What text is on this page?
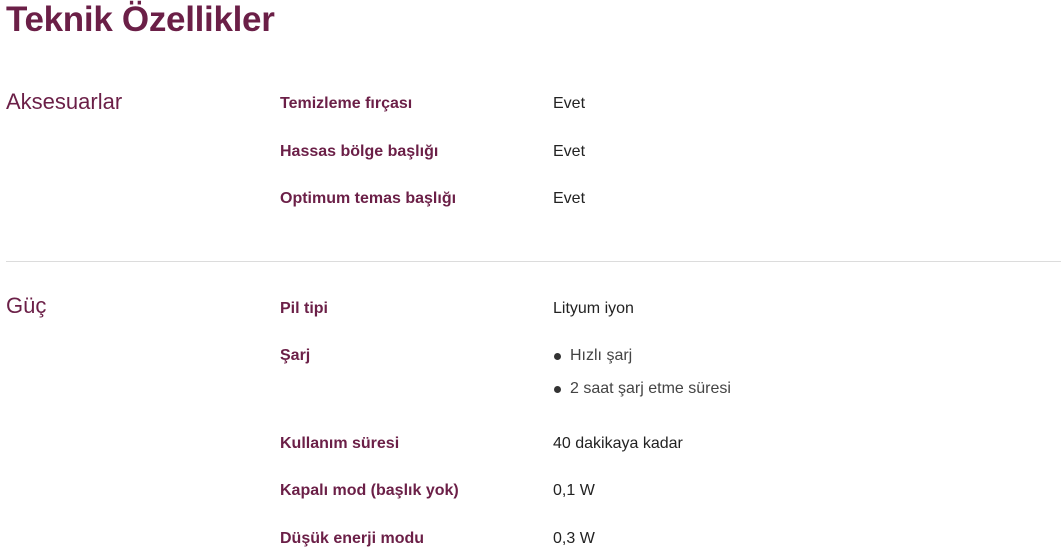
Teknik Özellikler
Aksesuarlar	Temizleme fırçası	Evet
Hassas bölge başlığı	Evet
Optimum temas başlığı	Evet
Güç	Pil tipi	Lityum iyon
Şarj	Hızlı şarj
2 saat şarj etme süresi
Kullanım süresi	40 dakikaya kadar
Kapalı mod (başlık yok)	0,1 W
Düşük enerji modu	0,3 W
